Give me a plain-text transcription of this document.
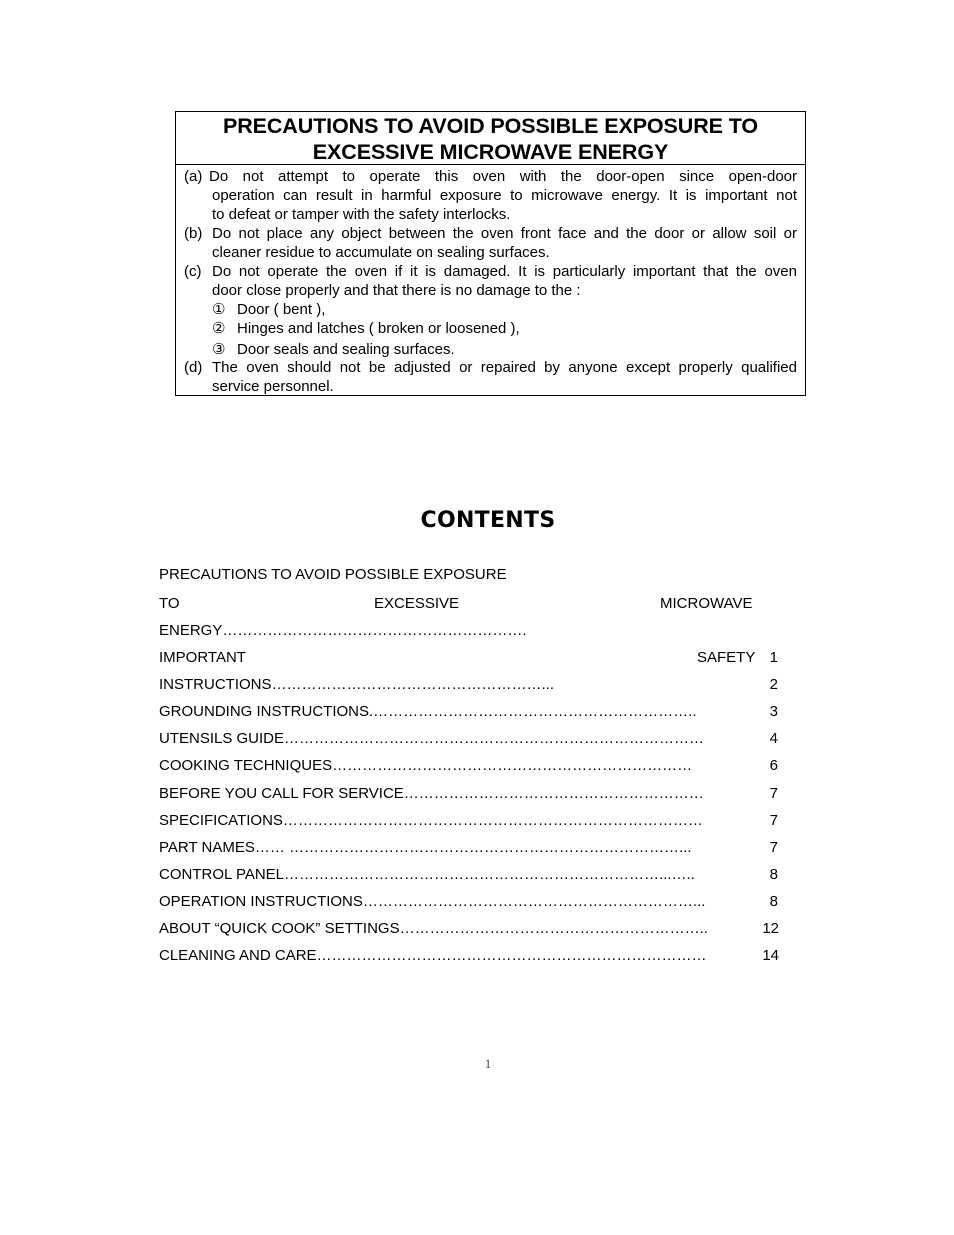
PRECAUTIONS TO AVOID POSSIBLE EXPOSURE TO
EXCESSIVE MICROWAVE ENERGY
(a) Do not attempt to operate this oven with the door-open since open-door
operation can result in harmful exposure to microwave energy. It is important not
to defeat or tamper with the safety interlocks.
(b) Do not place any object between the oven front face and the door or allow soil or
cleaner residue to accumulate on sealing surfaces.
(c) Do not operate the oven if it is damaged. It is particularly important that the oven
door close properly and that there is no damage to the :
① Door ( bent ),
② Hinges and latches ( broken or loosened ),
③ Door seals and sealing surfaces.
(d) The oven should not be adjusted or repaired by anyone except properly qualified
service personnel.
CONTENTS
PRECAUTIONS TO AVOID POSSIBLE EXPOSURE
TO	EXCESSIVE	MICROWAVE
ENERGY…………………………………………………….
IMPORTANT	SAFETY 1
INSTRUCTIONS………………………………………………...	2
GROUNDING INSTRUCTIONS.………………………………………………………..	3
UTENSILS GUIDE…………………………………………………………………………	4
COOKING TECHNIQUES………………………………………………………………	6
BEFORE YOU CALL FOR SERVICE……………………………………………………	7
SPECIFICATIONS…………………………………………………………………………	7
PART NAMES…… ……………………………………………………………………...	7
CONTROL PANEL…………………………………………………………………...…..	8
OPERATION INSTRUCTIONS…………………………………………………………...	8
ABOUT “QUICK COOK” SETTINGS……………………………………………………..	12
CLEANING AND CARE……………………………………………………………………	14
1
